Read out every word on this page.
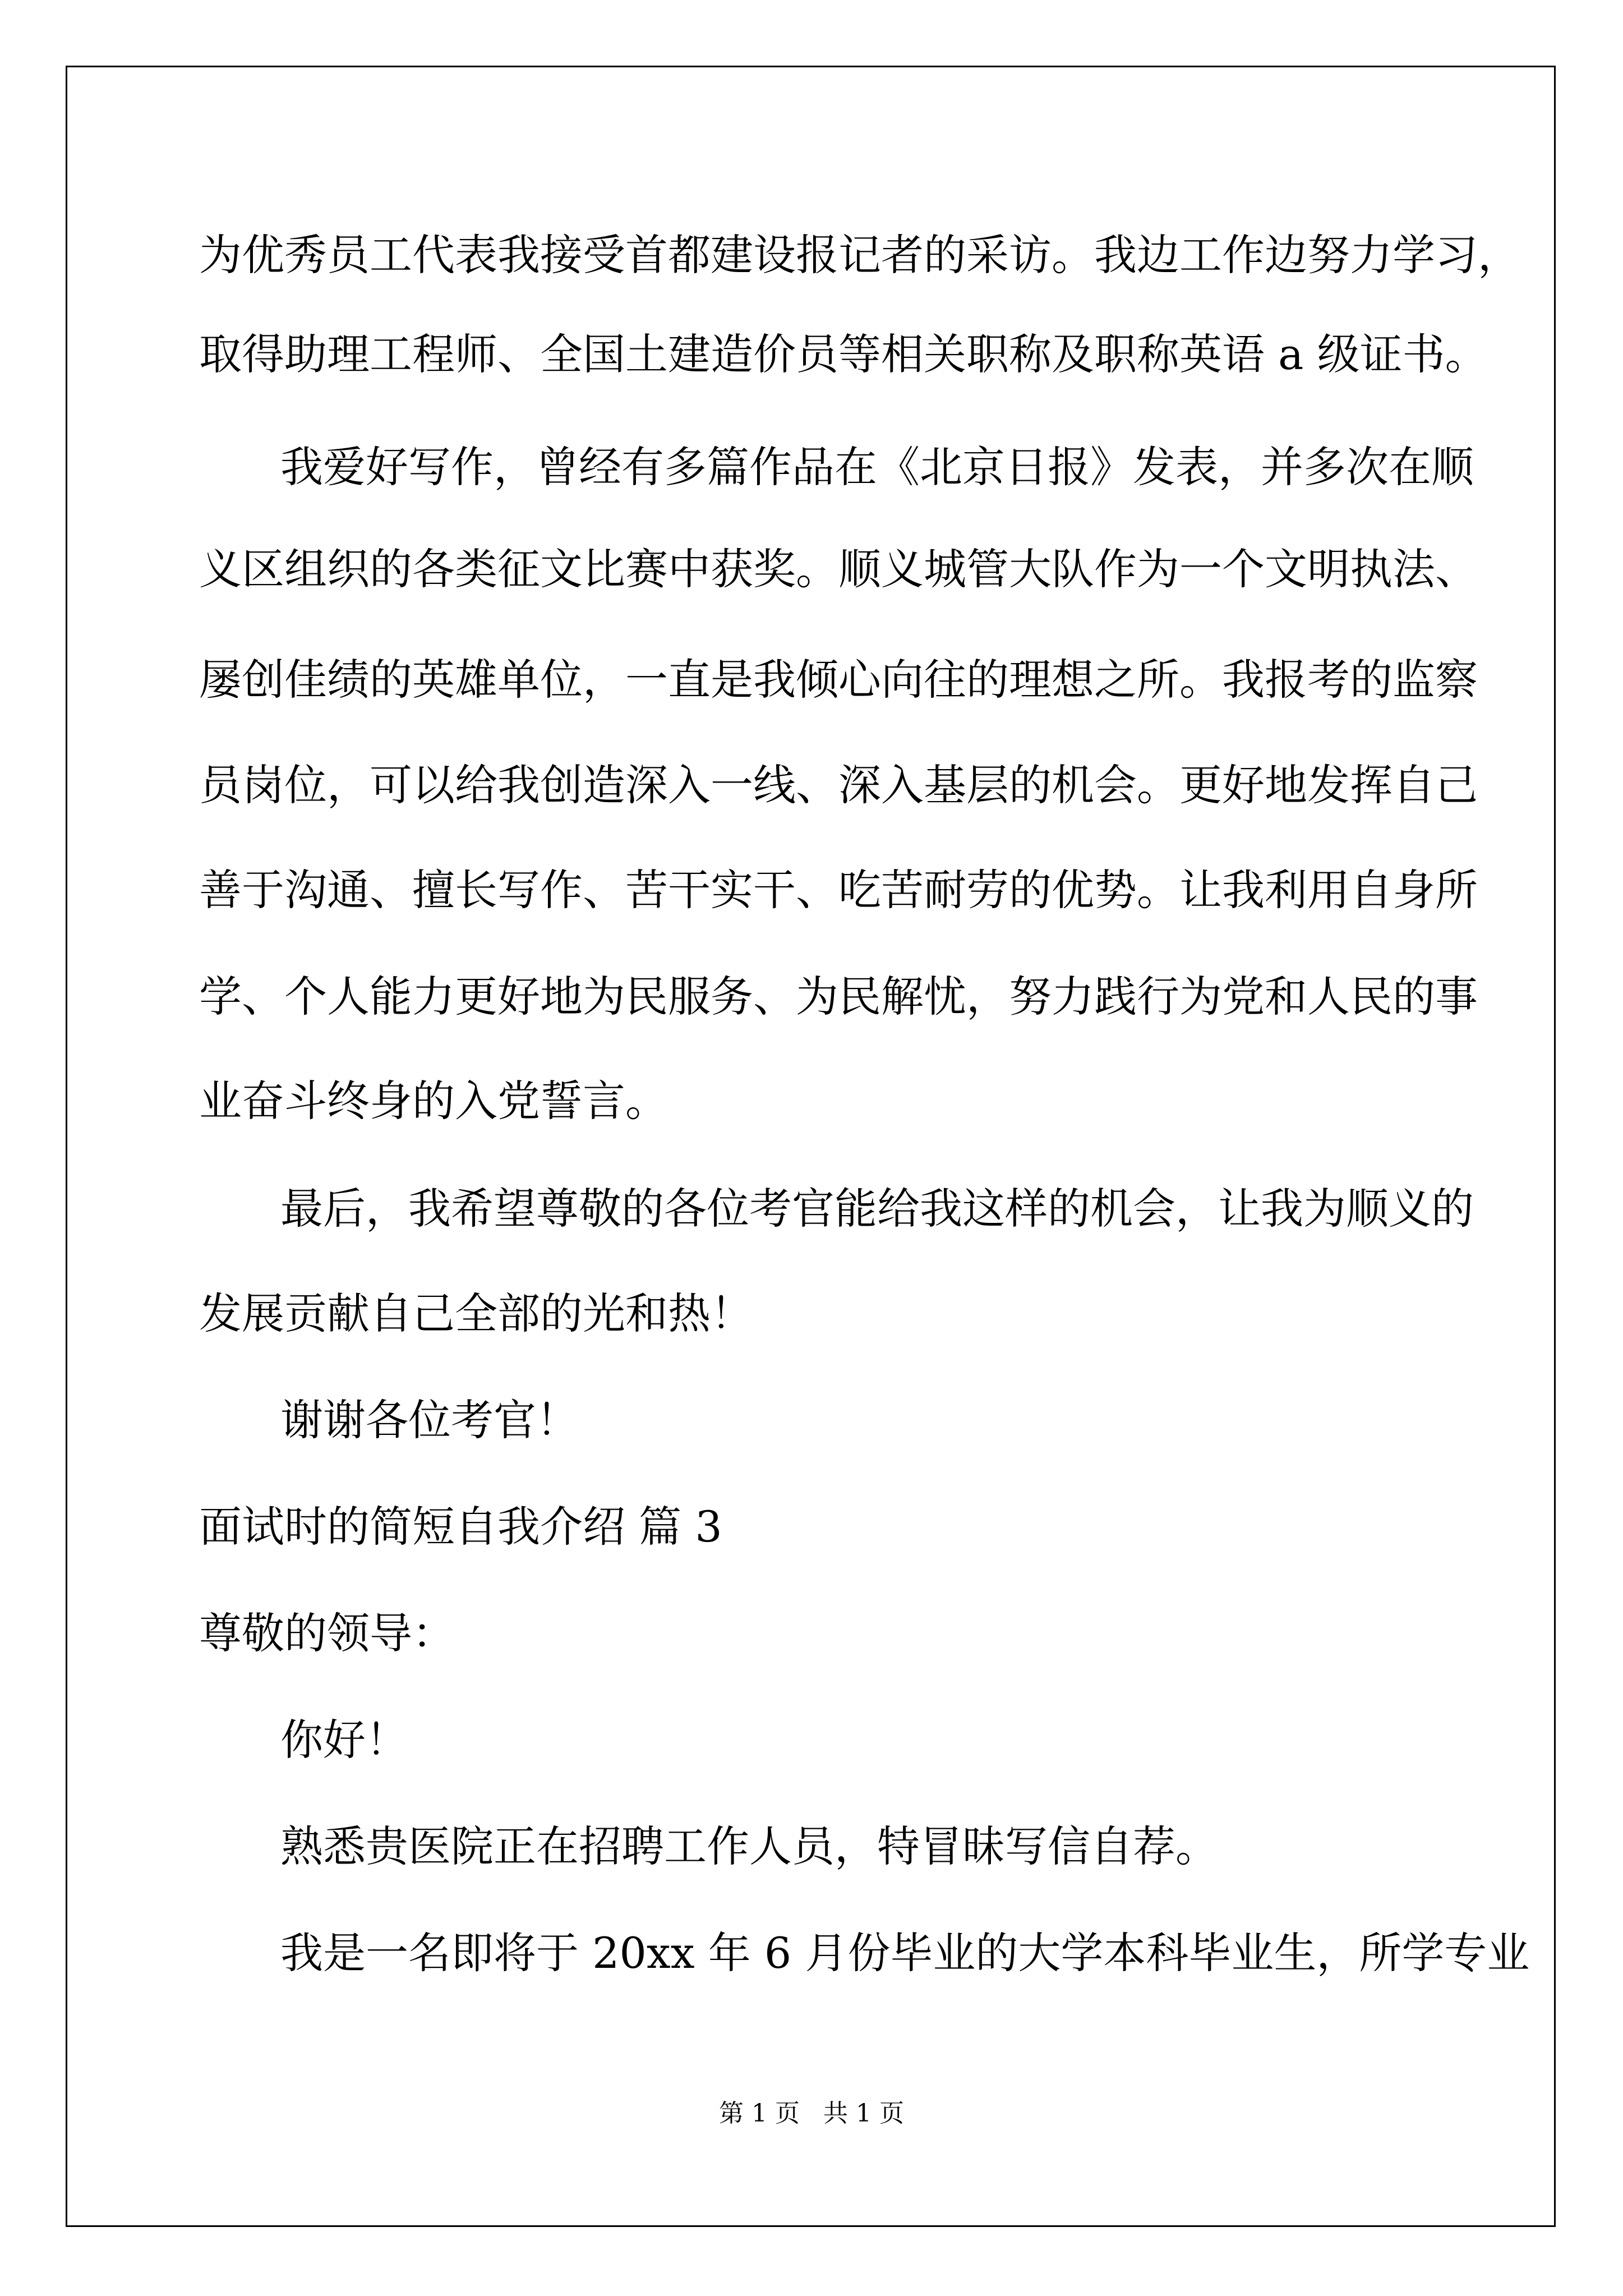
为优秀员工代表我接受首都建设报记者的采访。我边工作边努力学习，
取得助理工程师、全国土建造价员等相关职称及职称英语 a 级证书。
我爱好写作，曾经有多篇作品在《北京日报》发表，并多次在顺
义区组织的各类征文比赛中获奖。顺义城管大队作为一个文明执法、
屡创佳绩的英雄单位，一直是我倾心向往的理想之所。我报考的监察
员岗位，可以给我创造深入一线、深入基层的机会。更好地发挥自己
善于沟通、擅长写作、苦干实干、吃苦耐劳的优势。让我利用自身所
学、个人能力更好地为民服务、为民解忧，努力践行为党和人民的事
业奋斗终身的入党誓言。
最后，我希望尊敬的各位考官能给我这样的机会，让我为顺义的
发展贡献自己全部的光和热！
谢谢各位考官！
面试时的简短自我介绍 篇 3
尊敬的领导：
你好！
熟悉贵医院正在招聘工作人员，特冒昧写信自荐。
我是一名即将于 20xx 年 6 月份毕业的大学本科毕业生，所学专业
第 1 页   共 1 页
